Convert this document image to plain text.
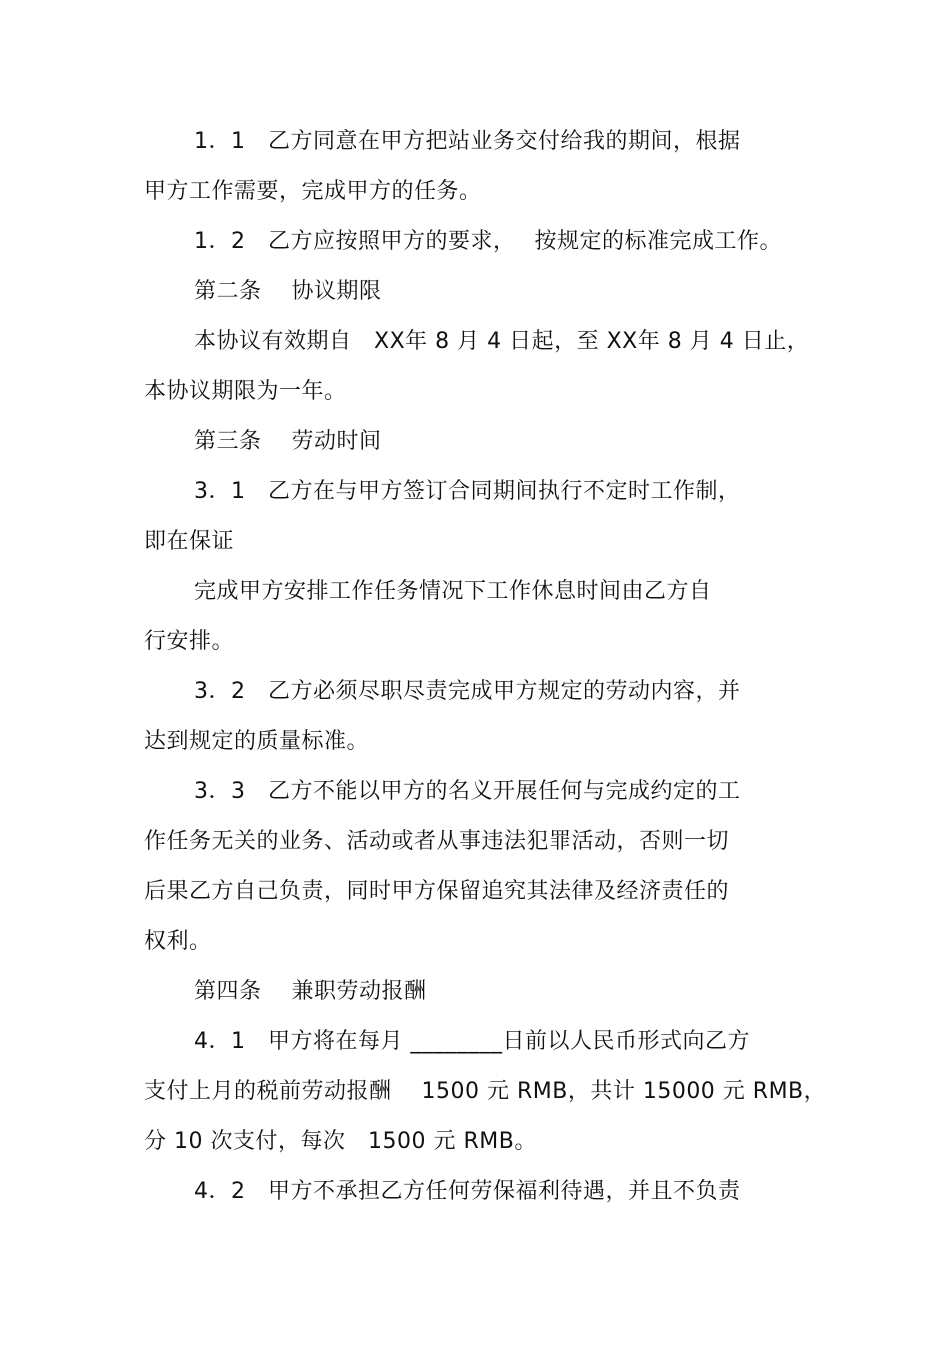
1．1　乙方同意在甲方把站业务交付给我的期间，根据
甲方工作需要，完成甲方的任务。
1．2　乙方应按照甲方的要求，　 按规定的标准完成工作。
第二条　 协议期限
本协议有效期自　XX年 8 月 4 日起，至 XX年 8 月 4 日止，
本协议期限为一年。
第三条　 劳动时间
3．1　乙方在与甲方签订合同期间执行不定时工作制，
即在保证
完成甲方安排工作任务情况下工作休息时间由乙方自
行安排。
3．2　乙方必须尽职尽责完成甲方规定的劳动内容，并
达到规定的质量标准。
3．3　乙方不能以甲方的名义开展任何与完成约定的工
作任务无关的业务、活动或者从事违法犯罪活动，否则一切
后果乙方自己负责，同时甲方保留追究其法律及经济责任的
权利。
第四条　 兼职劳动报酬
4．1　甲方将在每月 ________日前以人民币形式向乙方
支付上月的税前劳动报酬　 1500 元 RMB，共计 15000 元 RMB，
分 10 次支付，每次　1500 元 RMB。
4．2　甲方不承担乙方任何劳保福利待遇，并且不负责
